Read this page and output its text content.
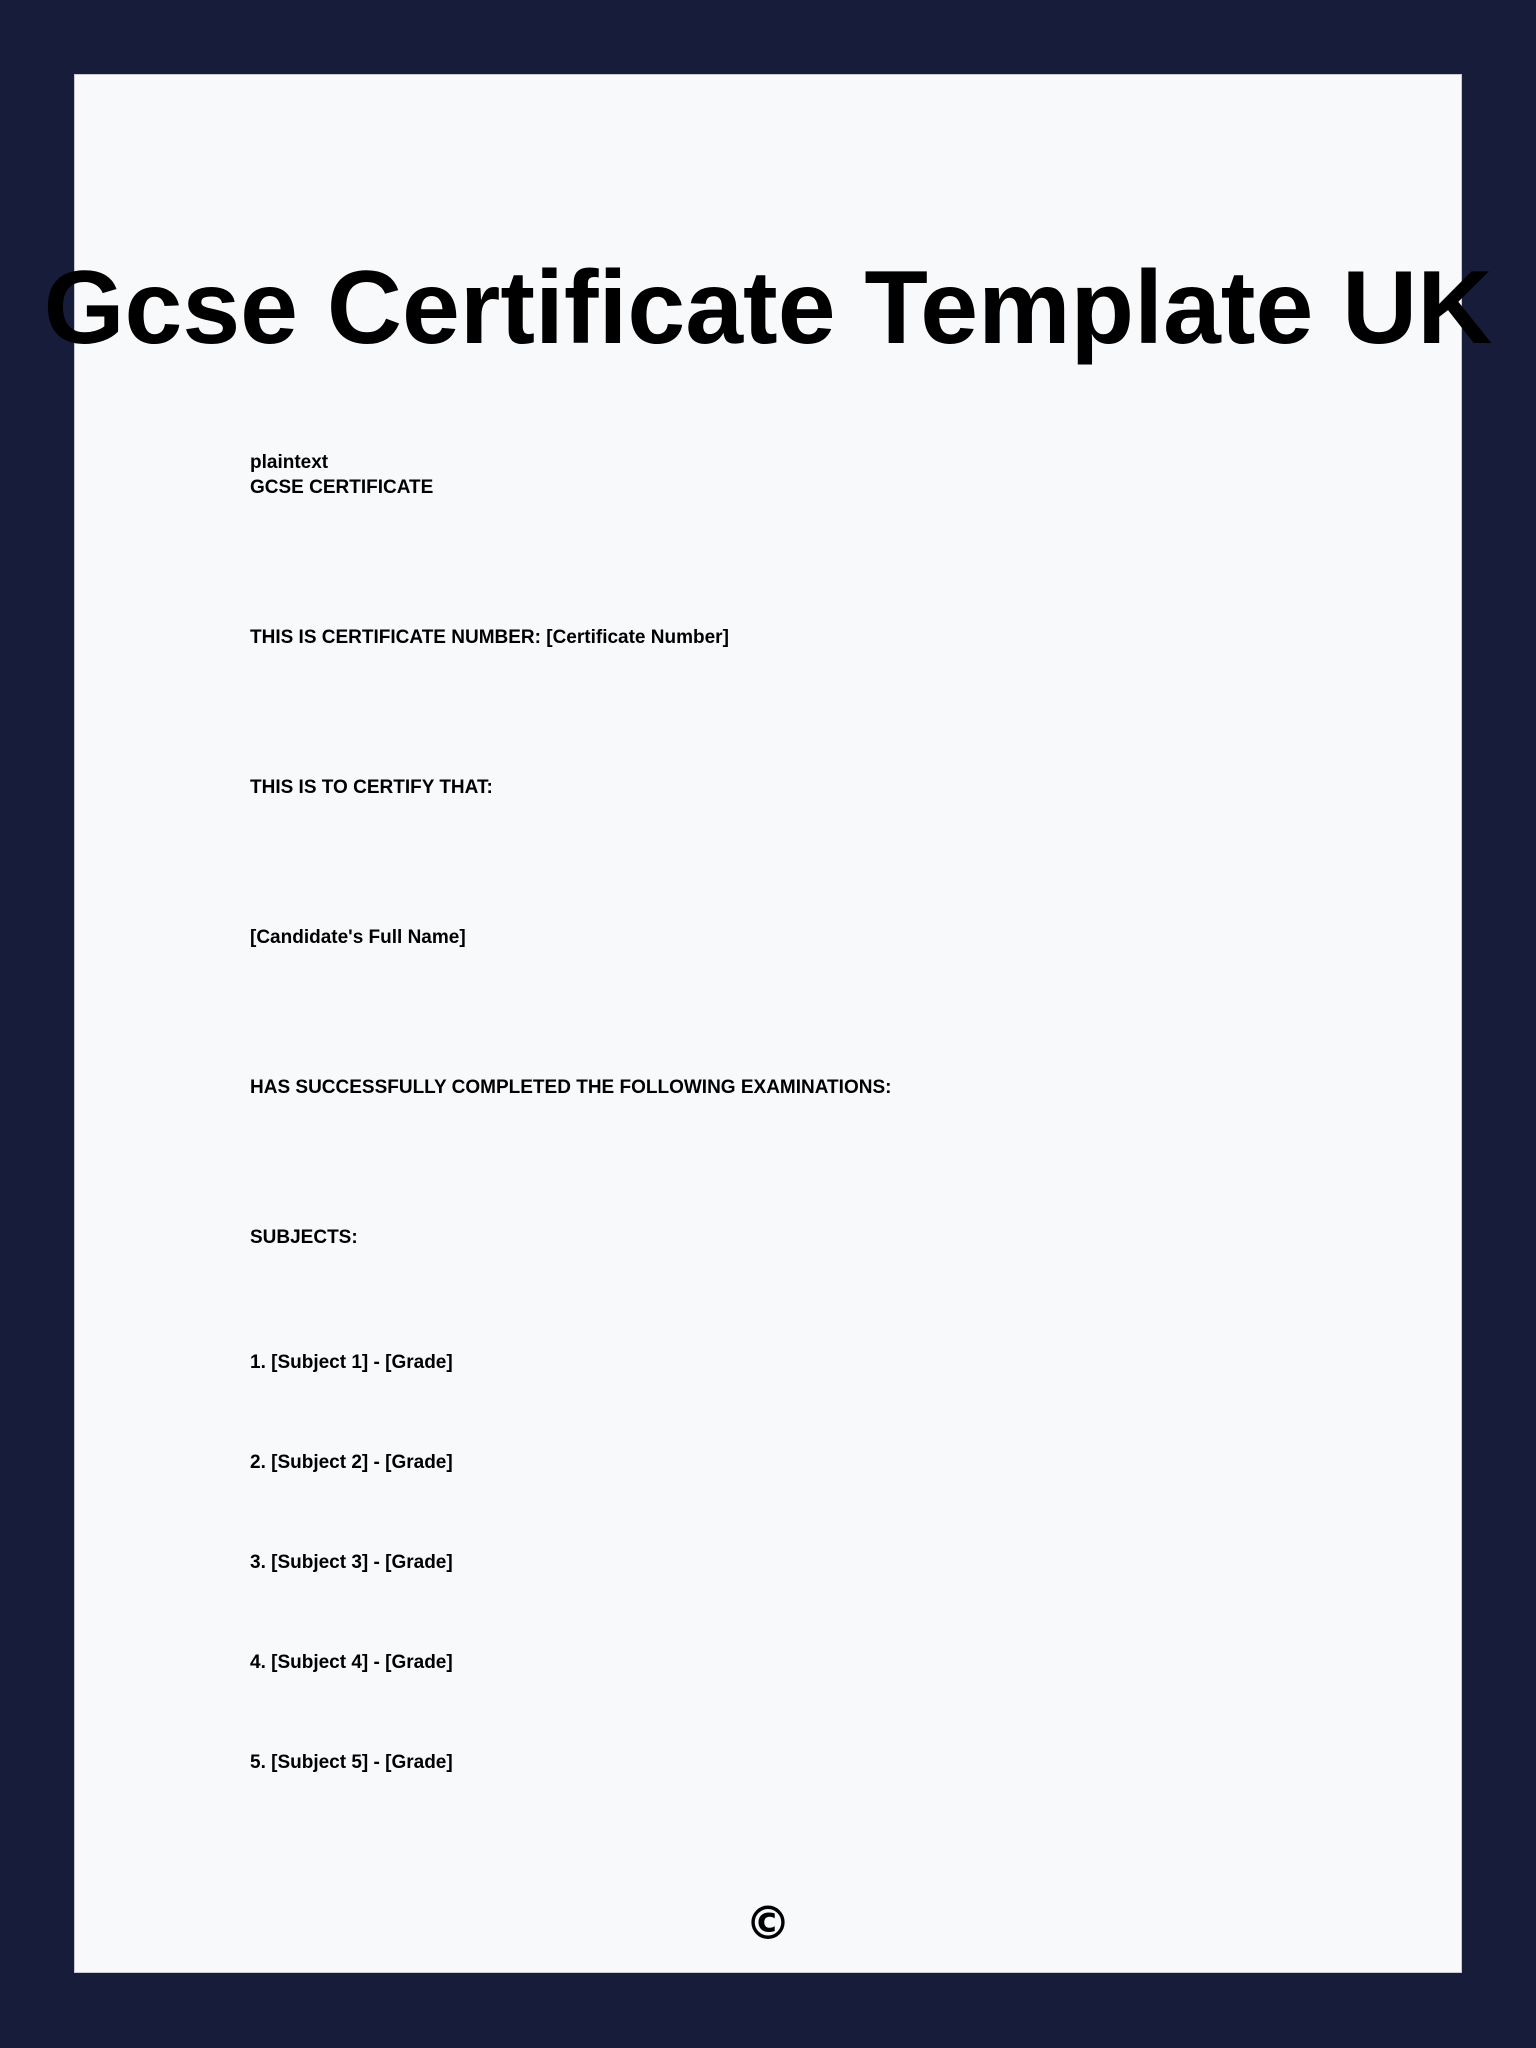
Gcse Certificate Template UK
plaintext
GCSE CERTIFICATE
THIS IS CERTIFICATE NUMBER: [Certificate Number]
THIS IS TO CERTIFY THAT:
[Candidate's Full Name]
HAS SUCCESSFULLY COMPLETED THE FOLLOWING EXAMINATIONS:
SUBJECTS:
1. [Subject 1] - [Grade]
2. [Subject 2] - [Grade]
3. [Subject 3] - [Grade]
4. [Subject 4] - [Grade]
5. [Subject 5] - [Grade]
©
